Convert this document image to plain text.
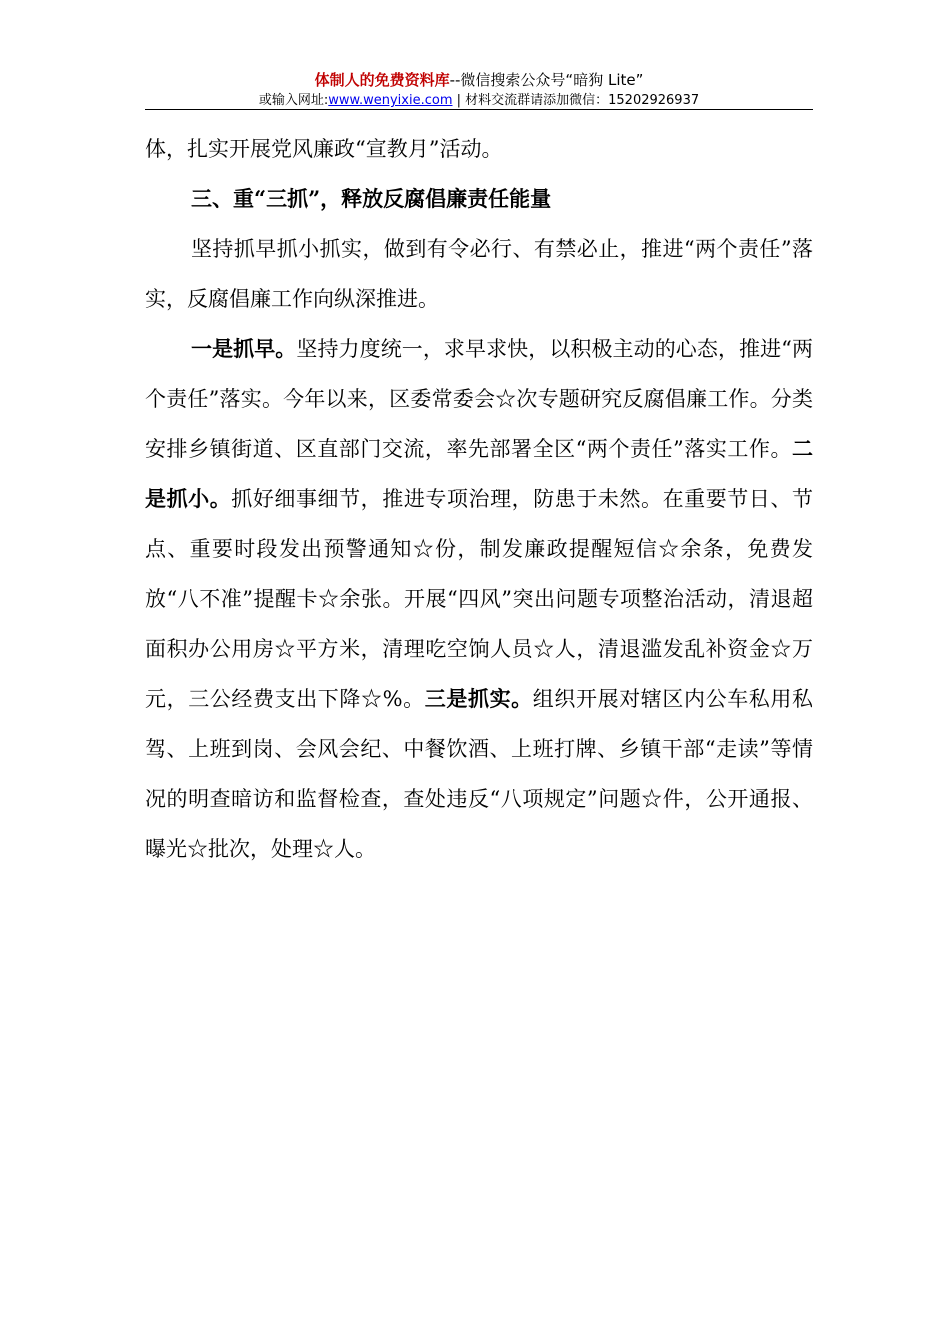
体制人的免费资料库--微信搜索公众号“暗狗 Lite”
或输入网址:www.wenyixie.com | 材料交流群请添加微信：15202926937

体，扎实开展党风廉政“宣教月”活动。

三、重“三抓”，释放反腐倡廉责任能量

坚持抓早抓小抓实，做到有令必行、有禁必止，推进“两个责任”落实，反腐倡廉工作向纵深推进。

一是抓早。坚持力度统一，求早求快，以积极主动的心态，推进“两个责任”落实。今年以来，区委常委会☆次专题研究反腐倡廉工作。分类安排乡镇街道、区直部门交流，率先部署全区“两个责任”落实工作。二是抓小。抓好细事细节，推进专项治理，防患于未然。在重要节日、节点、重要时段发出预警通知☆份，制发廉政提醒短信☆余条，免费发放“八不准”提醒卡☆余张。开展“四风”突出问题专项整治活动，清退超面积办公用房☆平方米，清理吃空饷人员☆人，清退滥发乱补资金☆万元，三公经费支出下降☆%。三是抓实。组织开展对辖区内公车私用私驾、上班到岗、会风会纪、中餐饮酒、上班打牌、乡镇干部“走读”等情况的明查暗访和监督检查，查处违反“八项规定”问题☆件，公开通报、曝光☆批次，处理☆人。
